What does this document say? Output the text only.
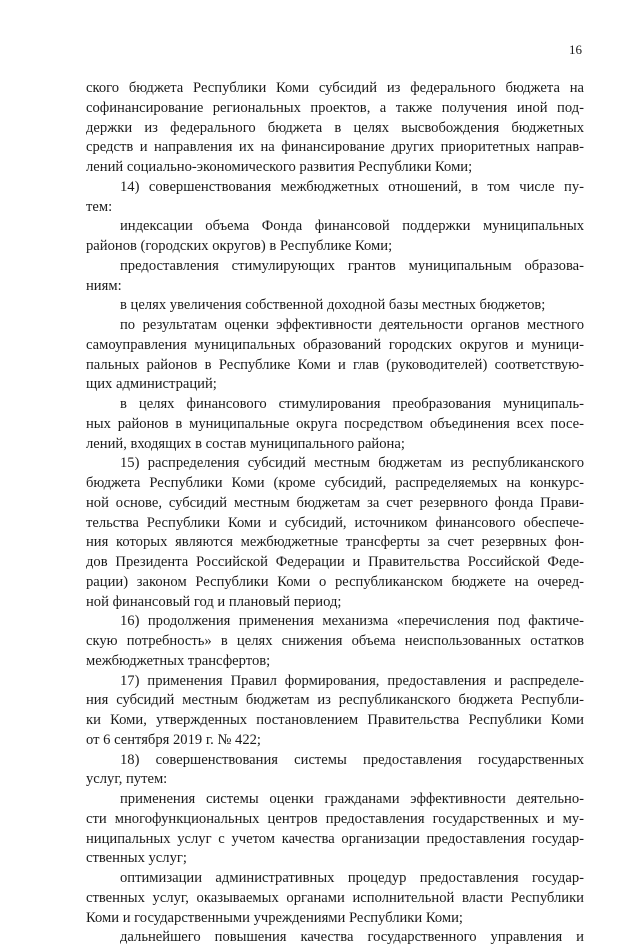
16
ского бюджета Республики Коми субсидий из федерального бюджета на
софинансирование региональных проектов, а также получения иной под-
держки из федерального бюджета в целях высвобождения бюджетных
средств и направления их на финансирование других приоритетных направ-
лений социально-экономического развития Республики Коми;
14) совершенствования межбюджетных отношений, в том числе пу-
тем:
индексации объема Фонда финансовой поддержки муниципальных
районов (городских округов) в Республике Коми;
предоставления стимулирующих грантов муниципальным образова-
ниям:
в целях увеличения собственной доходной базы местных бюджетов;
по результатам оценки эффективности деятельности органов местного
самоуправления муниципальных образований городских округов и муници-
пальных районов в Республике Коми и глав (руководителей) соответствую-
щих администраций;
в целях финансового стимулирования преобразования муниципаль-
ных районов в муниципальные округа посредством объединения всех посе-
лений, входящих в состав муниципального района;
15) распределения субсидий местным бюджетам из республиканского
бюджета Республики Коми (кроме субсидий, распределяемых на конкурс-
ной основе, субсидий местным бюджетам за счет резервного фонда Прави-
тельства Республики Коми и субсидий, источником финансового обеспече-
ния которых являются межбюджетные трансферты за счет резервных фон-
дов Президента Российской Федерации и Правительства Российской Феде-
рации) законом Республики Коми о республиканском бюджете на очеред-
ной финансовый год и плановый период;
16) продолжения применения механизма «перечисления под фактиче-
скую потребность» в целях снижения объема неиспользованных остатков
межбюджетных трансфертов;
17) применения Правил формирования, предоставления и распределе-
ния субсидий местным бюджетам из республиканского бюджета Республи-
ки Коми, утвержденных постановлением Правительства Республики Коми
от 6 сентября 2019 г. № 422;
18) совершенствования системы предоставления государственных
услуг, путем:
применения системы оценки гражданами эффективности деятельно-
сти многофункциональных центров предоставления государственных и му-
ниципальных услуг с учетом качества организации предоставления государ-
ственных услуг;
оптимизации административных процедур предоставления государ-
ственных услуг, оказываемых органами исполнительной власти Республики
Коми и государственными учреждениями Республики Коми;
дальнейшего повышения качества государственного управления и
